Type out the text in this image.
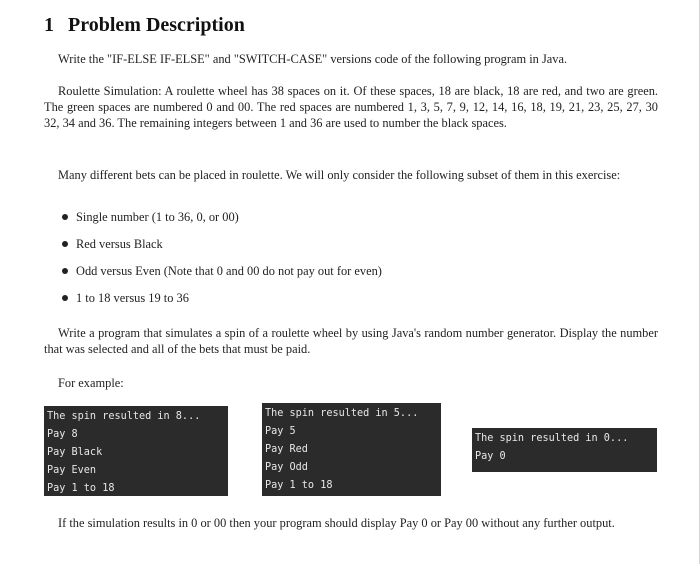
1 Problem Description
Write the "IF-ELSE IF-ELSE" and "SWITCH-CASE" versions code of the following program in Java.
Roulette Simulation: A roulette wheel has 38 spaces on it. Of these spaces, 18 are black, 18 are red, and two are green. The green spaces are numbered 0 and 00. The red spaces are numbered 1, 3, 5, 7, 9, 12, 14, 16, 18, 19, 21, 23, 25, 27, 30 32, 34 and 36. The remaining integers between 1 and 36 are used to number the black spaces.
Many different bets can be placed in roulette. We will only consider the following subset of them in this exercise:
Single number (1 to 36, 0, or 00)
Red versus Black
Odd versus Even (Note that 0 and 00 do not pay out for even)
1 to 18 versus 19 to 36
Write a program that simulates a spin of a roulette wheel by using Java's random number generator. Display the number that was selected and all of the bets that must be paid.
For example:
The spin resulted in 8...
Pay 8
Pay Black
Pay Even
Pay 1 to 18
The spin resulted in 5...
Pay 5
Pay Red
Pay Odd
Pay 1 to 18
The spin resulted in 0...
Pay 0
If the simulation results in 0 or 00 then your program should display Pay 0 or Pay 00 without any further output.
